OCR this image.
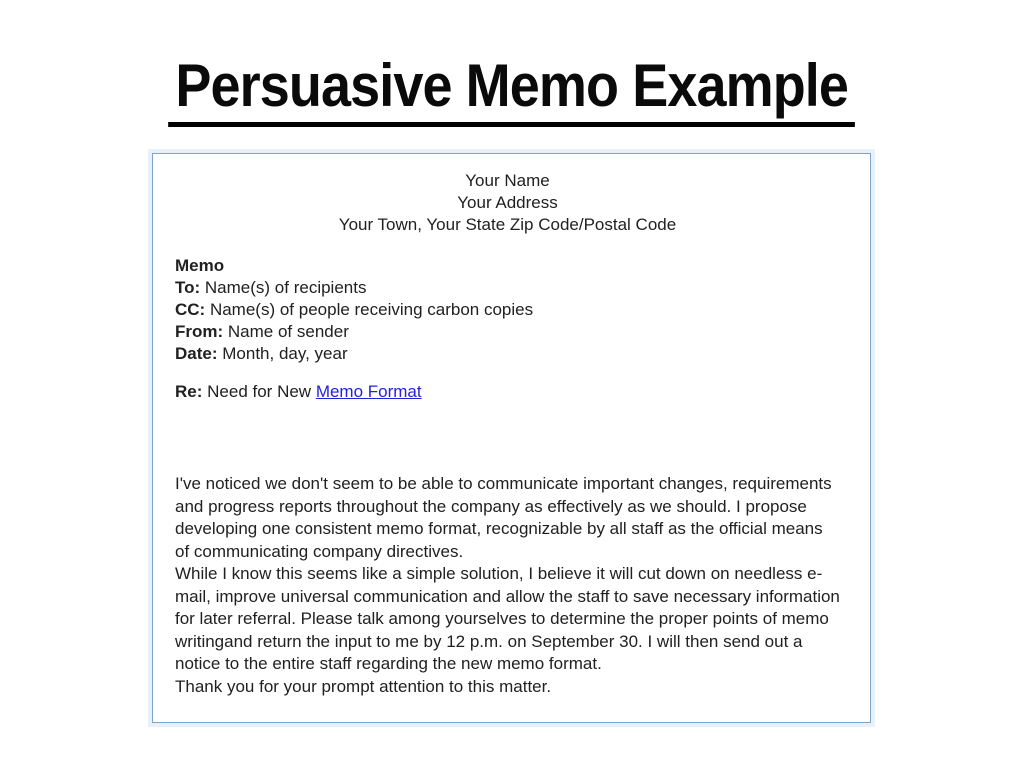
Persuasive Memo Example
Your Name
Your Address
Your Town, Your State Zip Code/Postal Code
Memo
To: Name(s) of recipients
CC: Name(s) of people receiving carbon copies
From: Name of sender
Date: Month, day, year
Re: Need for New Memo Format

I've noticed we don't seem to be able to communicate important changes, requirements and progress reports throughout the company as effectively as we should. I propose developing one consistent memo format, recognizable by all staff as the official means of communicating company directives.

While I know this seems like a simple solution, I believe it will cut down on needless e-mail, improve universal communication and allow the staff to save necessary information for later referral. Please talk among yourselves to determine the proper points of memo writingand return the input to me by 12 p.m. on September 30. I will then send out a notice to the entire staff regarding the new memo format.

Thank you for your prompt attention to this matter.
